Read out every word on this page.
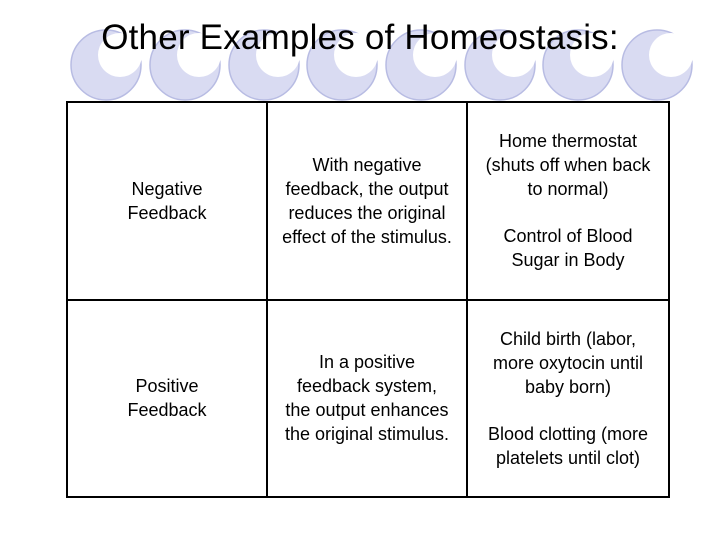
Other Examples of Homeostasis:
Negative
Feedback	With negative
feedback, the output
reduces the original
effect of the stimulus.	Home thermostat
(shuts off when back
to normal)
Control of Blood
Sugar in Body

Positive
Feedback	In a positive
feedback system,
the output enhances
the original stimulus.	Child birth (labor,
more oxytocin until
baby born)
Blood clotting (more
platelets until clot)
